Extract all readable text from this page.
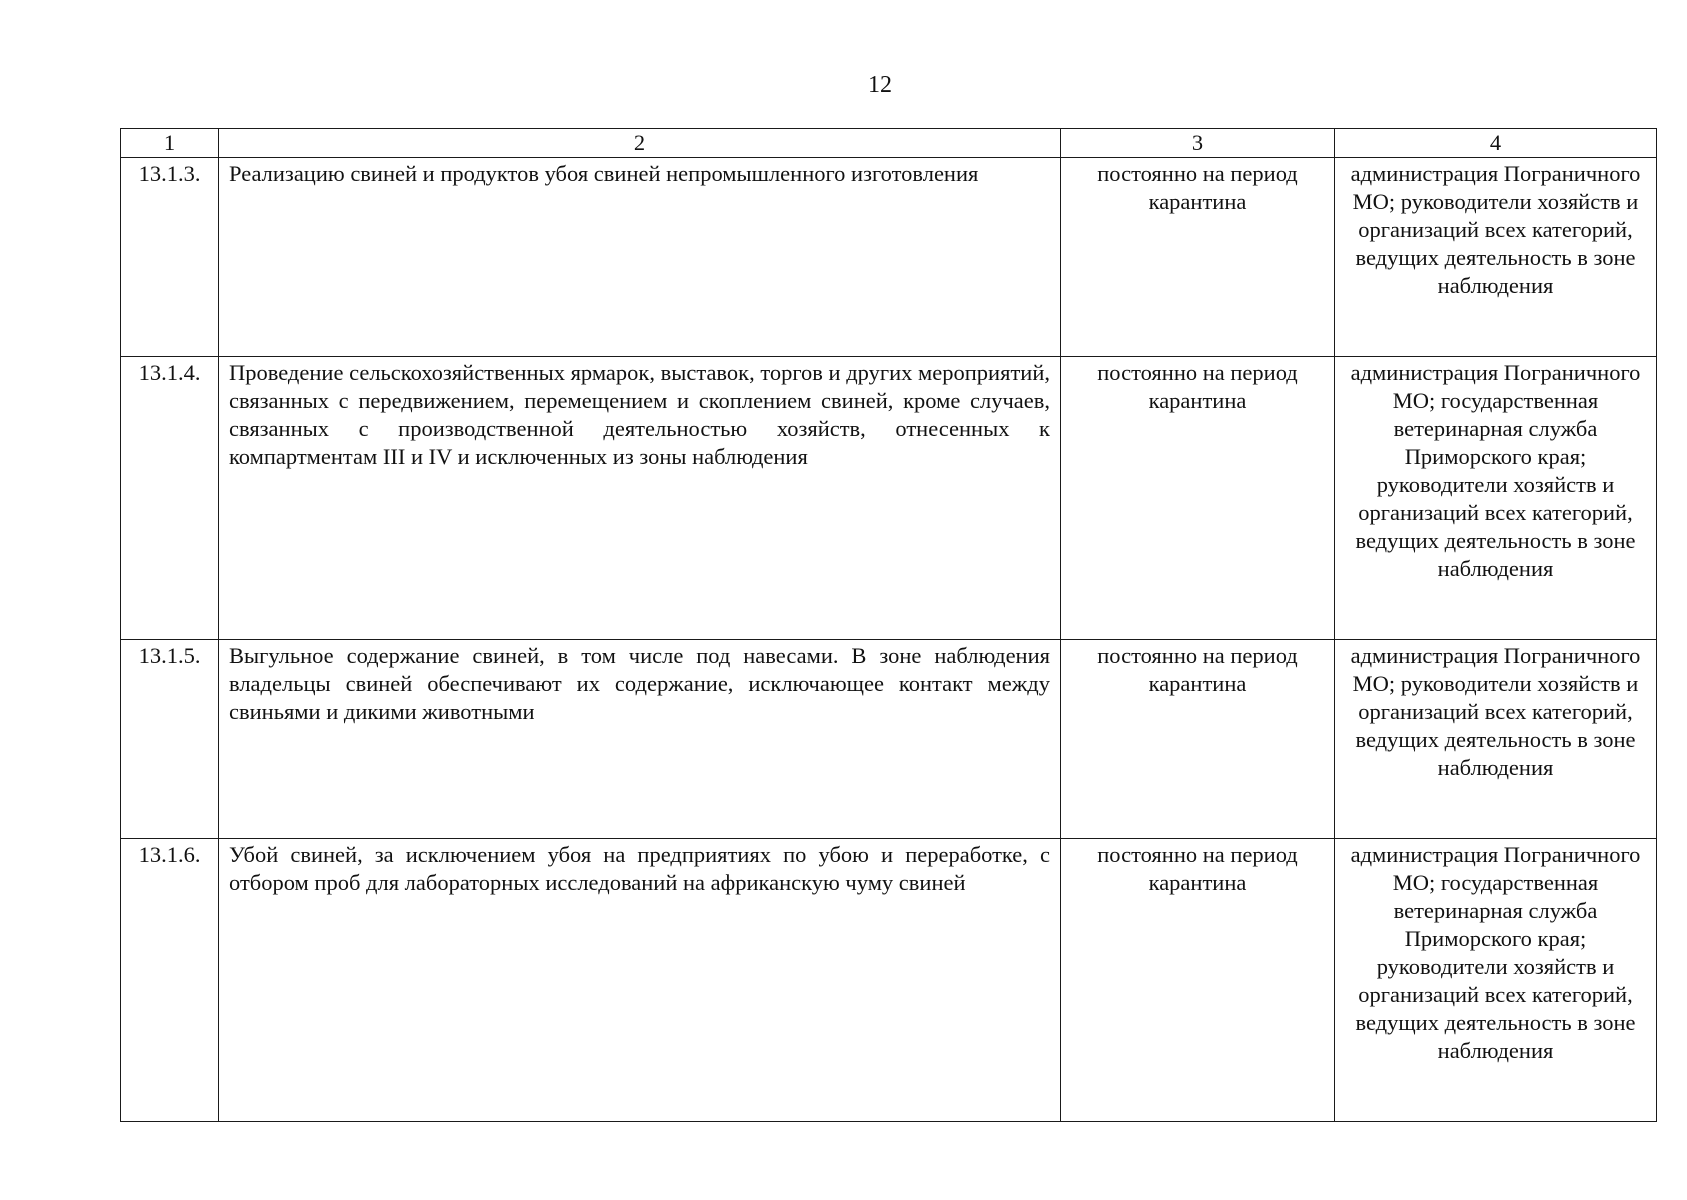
12
1	2	3	4
13.1.3.	Реализацию свиней и продуктов убоя свиней непромышленного изготовления	постоянно на период карантина	администрация Пограничного МО; руководители хозяйств и организаций всех категорий, ведущих деятельность в зоне наблюдения
13.1.4.	Проведение сельскохозяйственных ярмарок, выставок, торгов и других мероприятий, связанных с передвижением, перемещением и скоплением свиней, кроме случаев, связанных с производственной деятельностью хозяйств, отнесенных к компартментам III и IV и исключенных из зоны наблюдения	постоянно на период карантина	администрация Пограничного МО; государственная ветеринарная служба Приморского края; руководители хозяйств и организаций всех категорий, ведущих деятельность в зоне наблюдения
13.1.5.	Выгульное содержание свиней, в том числе под навесами. В зоне наблюдения владельцы свиней обеспечивают их содержание, исключающее контакт между свиньями и дикими животными	постоянно на период карантина	администрация Пограничного МО; руководители хозяйств и организаций всех категорий, ведущих деятельность в зоне наблюдения
13.1.6.	Убой свиней, за исключением убоя на предприятиях по убою и переработке, с отбором проб для лабораторных исследований на африканскую чуму свиней	постоянно на период карантина	администрация Пограничного МО; государственная ветеринарная служба Приморского края; руководители хозяйств и организаций всех категорий, ведущих деятельность в зоне наблюдения
